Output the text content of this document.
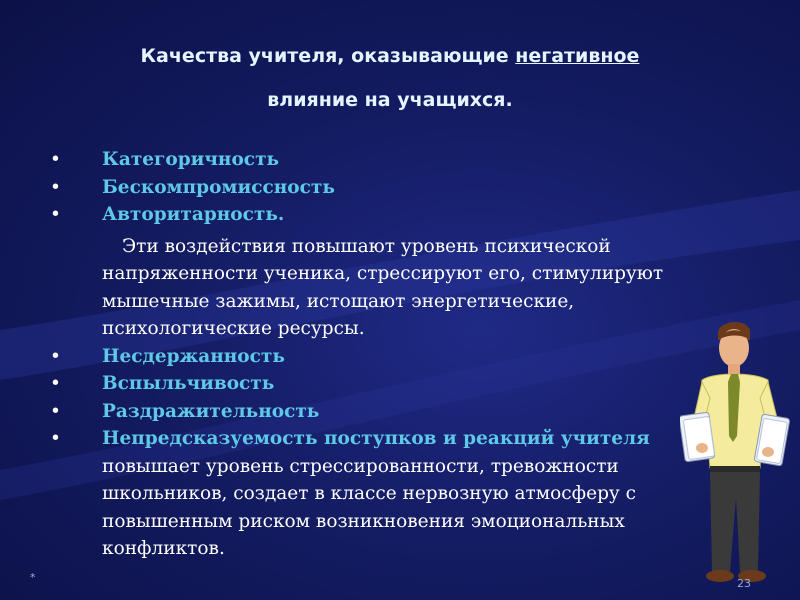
Качества учителя, оказывающие негативное
влияние на учащихся.
• Категоричность
• Бескомпромиссность
• Авторитарность.
Эти воздействия повышают уровень психической напряженности ученика, стрессируют его, стимулируют мышечные зажимы, истощают энергетические, психологические ресурсы.
• Несдержанность
• Вспыльчивость
• Раздражительность
• Непредсказуемость поступков и реакций учителя повышает уровень стрессированности, тревожности школьников, создает в классе нервозную атмосферу с повышенным риском возникновения эмоциональных конфликтов.
*	23
